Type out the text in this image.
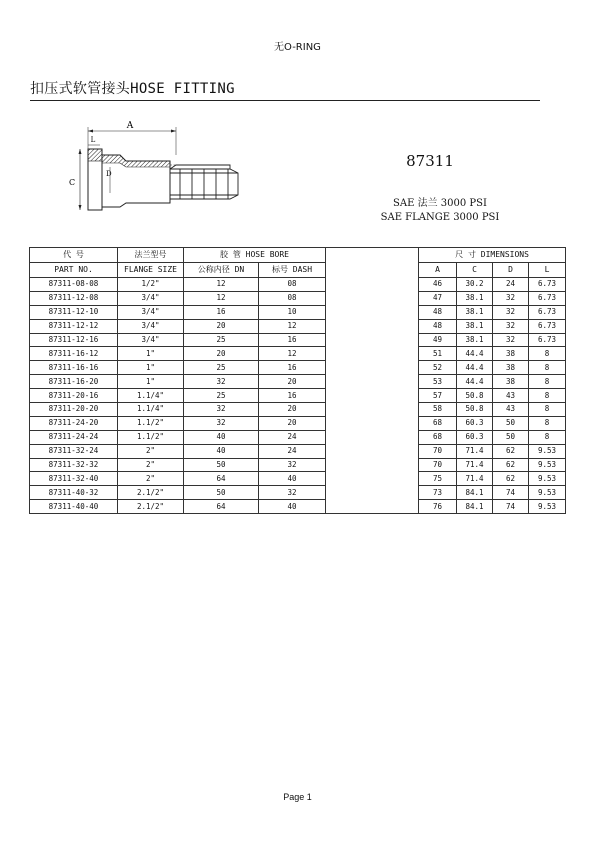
无O-RING
扣压式软管接头HOSE FITTING
A
L
C
D
87311
SAE 法兰 3000 PSI
SAE FLANGE 3000 PSI
代 号	法兰型号	胶 管 HOSE BORE			尺 寸 DIMENSIONS			
PART NO.	FLANGE SIZE	公称内径 DN	标号 DASH		A	C	D	L
87311-08-08	1/2"	12	08		46	30.2	24	6.73
87311-12-08	3/4"	12	08		47	38.1	32	6.73
87311-12-10	3/4"	16	10		48	38.1	32	6.73
87311-12-12	3/4"	20	12		48	38.1	32	6.73
87311-12-16	3/4"	25	16		49	38.1	32	6.73
87311-16-12	1"	20	12		51	44.4	38	8
87311-16-16	1"	25	16		52	44.4	38	8
87311-16-20	1"	32	20		53	44.4	38	8
87311-20-16	1.1/4"	25	16		57	50.8	43	8
87311-20-20	1.1/4"	32	20		58	50.8	43	8
87311-24-20	1.1/2"	32	20		68	60.3	50	8
87311-24-24	1.1/2"	40	24		68	60.3	50	8
87311-32-24	2"	40	24		70	71.4	62	9.53
87311-32-32	2"	50	32		70	71.4	62	9.53
87311-32-40	2"	64	40		75	71.4	62	9.53
87311-40-32	2.1/2"	50	32		73	84.1	74	9.53
87311-40-40	2.1/2"	64	40		76	84.1	74	9.53
Page 1
